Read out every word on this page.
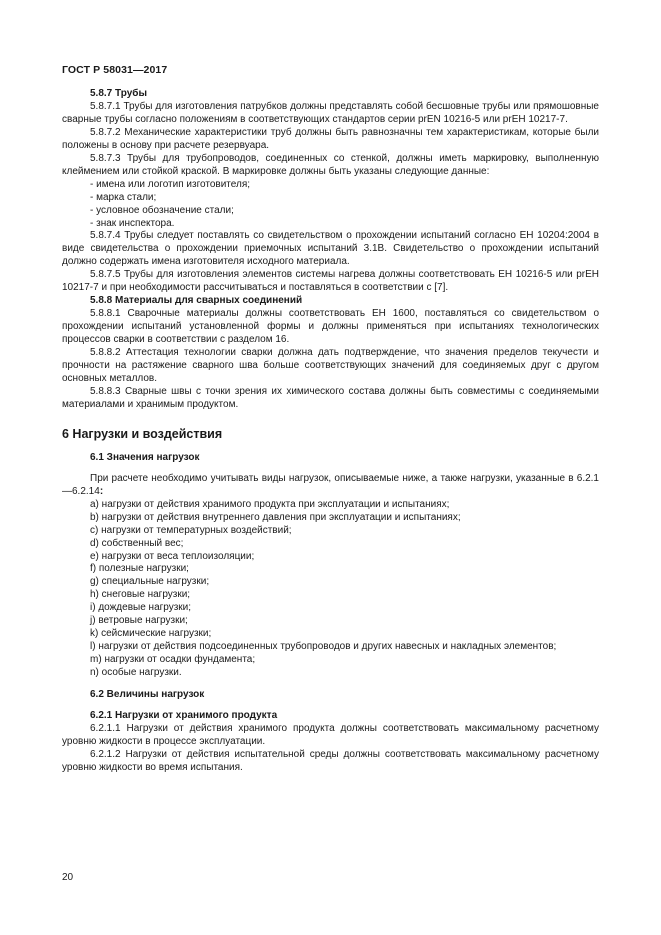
ГОСТ Р 58031—2017

5.8.7 Трубы

5.8.7.1 Трубы для изготовления патрубков должны представлять собой бесшовные трубы или прямошовные сварные трубы согласно положениям в соответствующих стандартов серии prEN 10216-5 или prEH 10217-7.

5.8.7.2 Механические характеристики труб должны быть равнозначны тем характеристикам, которые были положены в основу при расчете резервуара.

5.8.7.3 Трубы для трубопроводов, соединенных со стенкой, должны иметь маркировку, выполненную клеймением или стойкой краской. В маркировке должны быть указаны следующие данные:

- имена или логотип изготовителя;

- марка стали;

- условное обозначение стали;

- знак инспектора.

5.8.7.4 Трубы следует поставлять со свидетельством о прохождении испытаний согласно ЕН 10204:2004 в виде свидетельства о прохождении приемочных испытаний 3.1В. Свидетельство о прохождении испытаний должно содержать имена изготовителя исходного материала.

5.8.7.5 Трубы для изготовления элементов системы нагрева должны соответствовать ЕН 10216-5 или prEH 10217-7 и при необходимости рассчитываться и поставляться в соответствии с [7].

5.8.8 Материалы для сварных соединений

5.8.8.1 Сварочные материалы должны соответствовать ЕН 1600, поставляться со свидетельством о прохождении испытаний установленной формы и должны применяться при испытаниях технологических процессов сварки в соответствии с разделом 16.

5.8.8.2 Аттестация технологии сварки должна дать подтверждение, что значения пределов текучести и прочности на растяжение сварного шва больше соответствующих значений для соединяемых друг с другом основных металлов.

5.8.8.3 Сварные швы с точки зрения их химического состава должны быть совместимы с соединяемыми материалами и хранимым продуктом.

6 Нагрузки и воздействия

6.1 Значения нагрузок

При расчете необходимо учитывать виды нагрузок, описываемые ниже, а также нагрузки, указанные в 6.2.1—6.2.14:

a) нагрузки от действия хранимого продукта при эксплуатации и испытаниях;

b) нагрузки от действия внутреннего давления при эксплуатации и испытаниях;

c) нагрузки от температурных воздействий;

d) собственный вес;

e) нагрузки от веса теплоизоляции;

f) полезные нагрузки;

g) специальные нагрузки;

h) снеговые нагрузки;

i) дождевые нагрузки;

j) ветровые нагрузки;

k) сейсмические нагрузки;

l) нагрузки от действия подсоединенных трубопроводов и других навесных и накладных элементов;

m) нагрузки от осадки фундамента;

n) особые нагрузки.

6.2 Величины нагрузок

6.2.1 Нагрузки от хранимого продукта

6.2.1.1 Нагрузки от действия хранимого продукта должны соответствовать максимальному расчетному уровню жидкости в процессе эксплуатации.

6.2.1.2 Нагрузки от действия испытательной среды должны соответствовать максимальному расчетному уровню жидкости во время испытания.

20
